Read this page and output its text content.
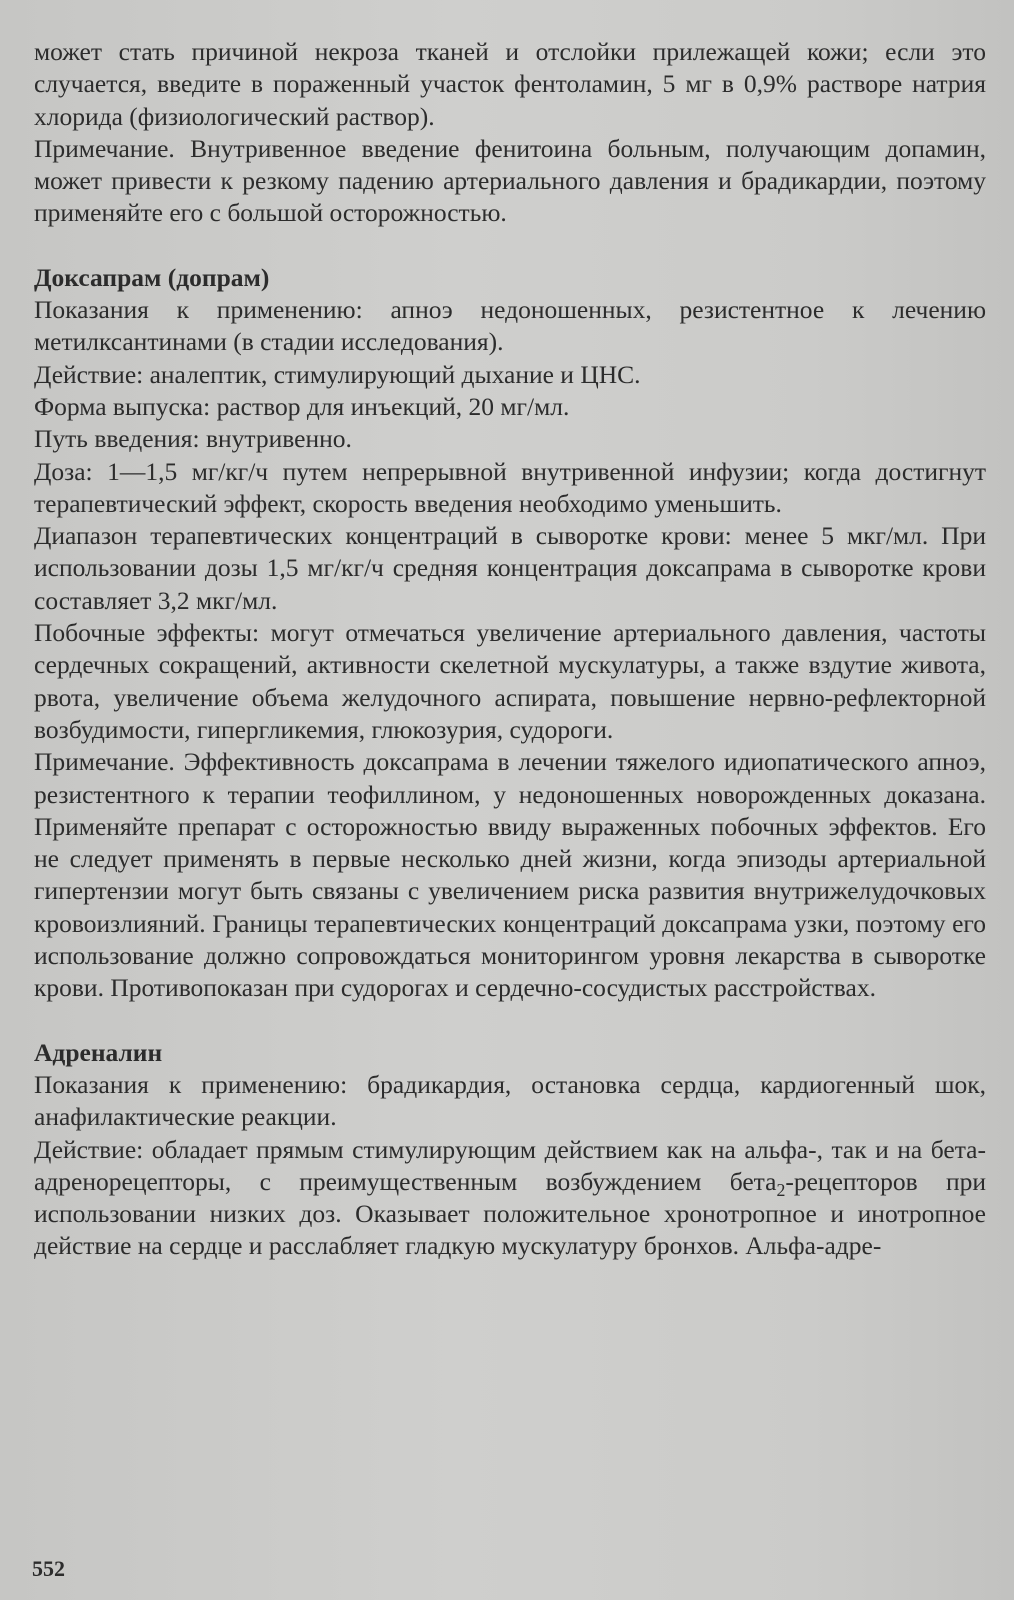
может стать причиной некроза тканей и отслойки прилежащей кожи; если это случается, введите в пораженный участок фентоламин, 5 мг в 0,9% растворе натрия хлорида (физиологический раствор).

Примечание. Внутривенное введение фенитоина больным, получающим допамин, может привести к резкому падению артериального давления и брадикардии, поэтому применяйте его с большой осторожностью.

Доксапрам (допрам)

Показания к применению: апноэ недоношенных, резистентное к лечению метилксантинами (в стадии исследования).

Действие: аналептик, стимулирующий дыхание и ЦНС.

Форма выпуска: раствор для инъекций, 20 мг/мл.

Путь введения: внутривенно.

Доза: 1—1,5 мг/кг/ч путем непрерывной внутривенной инфузии; когда достигнут терапевтический эффект, скорость введения необходимо уменьшить.

Диапазон терапевтических концентраций в сыворотке крови: менее 5 мкг/мл. При использовании дозы 1,5 мг/кг/ч средняя концентрация доксапрама в сыворотке крови составляет 3,2 мкг/мл.

Побочные эффекты: могут отмечаться увеличение артериального давления, частоты сердечных сокращений, активности скелетной мускулатуры, а также вздутие живота, рвота, увеличение объема желудочного аспирата, повышение нервно-рефлекторной возбудимости, гипергликемия, глюкозурия, судороги.

Примечание. Эффективность доксапрама в лечении тяжелого идиопатического апноэ, резистентного к терапии теофиллином, у недоношенных новорожденных доказана. Применяйте препарат с осторожностью ввиду выраженных побочных эффектов. Его не следует применять в первые несколько дней жизни, когда эпизоды артериальной гипертензии могут быть связаны с увеличением риска развития внутрижелудочковых кровоизлияний. Границы терапевтических концентраций доксапрама узки, поэтому его использование должно сопровождаться мониторингом уровня лекарства в сыворотке крови. Противопоказан при судорогах и сердечно-сосудистых расстройствах.

Адреналин

Показания к применению: брадикардия, остановка сердца, кардиогенный шок, анафилактические реакции.

Действие: обладает прямым стимулирующим действием как на альфа-, так и на бета-адренорецепторы, с преимущественным возбуждением бета$_2$-рецепторов при использовании низких доз. Оказывает положительное хронотропное и инотропное действие на сердце и расслабляет гладкую мускулатуру бронхов. Альфа-адре-

552
